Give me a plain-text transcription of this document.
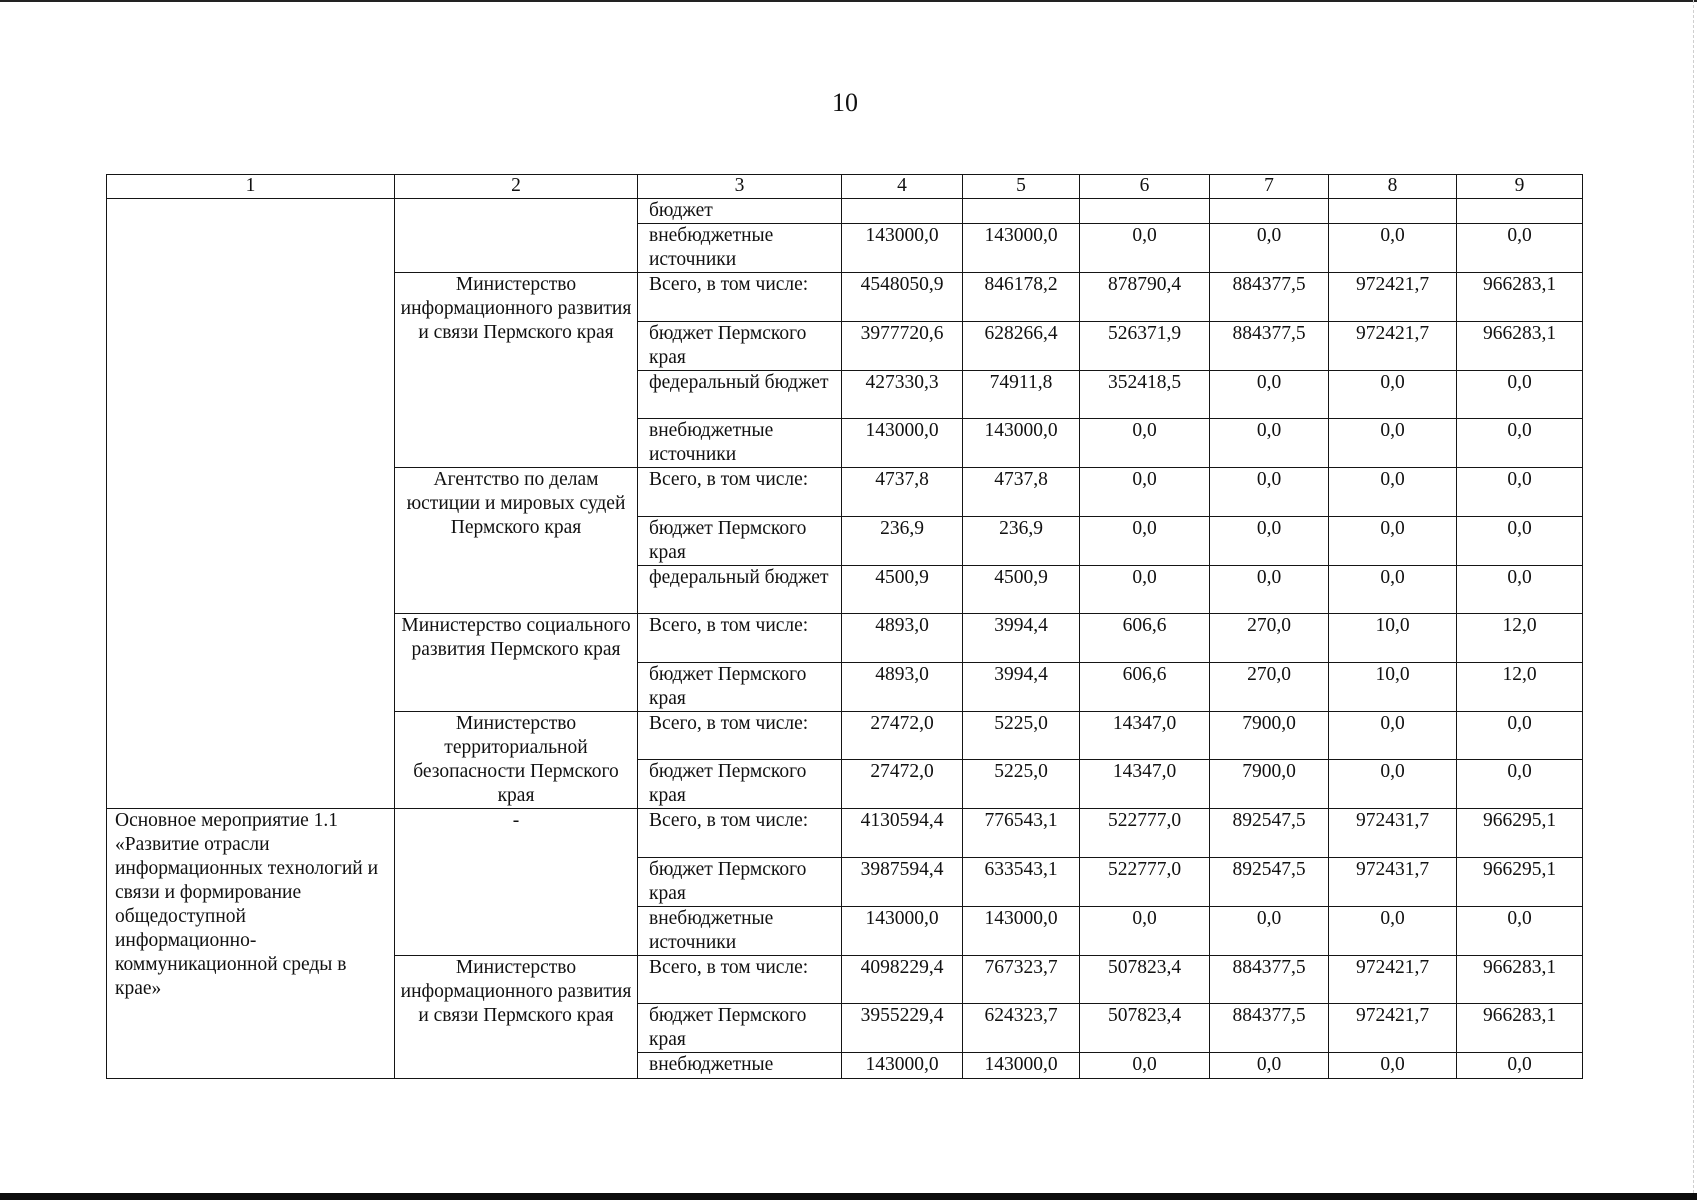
10
1	2	3	4	5	6	7	8	9
		бюджет						
		внебюджетные источники	143000,0	143000,0	0,0	0,0	0,0	0,0
	Министерство информационного развития и связи Пермского края	Всего, в том числе:	4548050,9	846178,2	878790,4	884377,5	972421,7	966283,1
		бюджет Пермского края	3977720,6	628266,4	526371,9	884377,5	972421,7	966283,1
		федеральный бюджет	427330,3	74911,8	352418,5	0,0	0,0	0,0
		внебюджетные источники	143000,0	143000,0	0,0	0,0	0,0	0,0
	Агентство по делам юстиции и мировых судей Пермского края	Всего, в том числе:	4737,8	4737,8	0,0	0,0	0,0	0,0
		бюджет Пермского края	236,9	236,9	0,0	0,0	0,0	0,0
		федеральный бюджет	4500,9	4500,9	0,0	0,0	0,0	0,0
	Министерство социального развития Пермского края	Всего, в том числе:	4893,0	3994,4	606,6	270,0	10,0	12,0
		бюджет Пермского края	4893,0	3994,4	606,6	270,0	10,0	12,0
	Министерство территориальной безопасности Пермского края	Всего, в том числе:	27472,0	5225,0	14347,0	7900,0	0,0	0,0
		бюджет Пермского края	27472,0	5225,0	14347,0	7900,0	0,0	0,0
Основное мероприятие 1.1 «Развитие отрасли информационных технологий и связи и формирование общедоступной информационно-коммуникационной среды в крае»	-	Всего, в том числе:	4130594,4	776543,1	522777,0	892547,5	972431,7	966295,1
		бюджет Пермского края	3987594,4	633543,1	522777,0	892547,5	972431,7	966295,1
		внебюджетные источники	143000,0	143000,0	0,0	0,0	0,0	0,0
	Министерство информационного развития и связи Пермского края	Всего, в том числе:	4098229,4	767323,7	507823,4	884377,5	972421,7	966283,1
		бюджет Пермского края	3955229,4	624323,7	507823,4	884377,5	972421,7	966283,1
		внебюджетные	143000,0	143000,0	0,0	0,0	0,0	0,0
